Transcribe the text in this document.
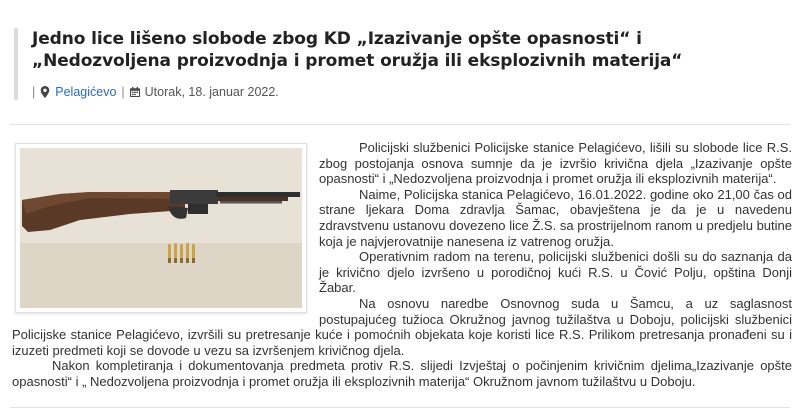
Jedno lice lišeno slobode zbog KD „Izazivanje opšte opasnosti“ i „Nedozvoljena proizvodnja i promet oružja ili eksplozivnih materija“
| Pelagićevo | Utorak, 18. januar 2022.

Policijski službenici Policijske stanice Pelagićevo, lišili su slobode lice R.S. zbog postojanja osnova sumnje da je izvršio krivična djela „Izazivanje opšte opasnosti“ i „Nedozvoljena proizvodnja i promet oružja ili eksplozivnih materija“.

Naime, Policijska stanica Pelagićevo, 16.01.2022. godine oko 21,00 čas od strane ljekara Doma zdravlja Šamac, obavještena je da je u navedenu zdravstvenu ustanovu dovezeno lice Ž.S. sa prostrijelnom ranom u predjelu butine koja je najvjerovatnije nanesena iz vatrenog oružja.

Operativnim radom na terenu, policijski službenici došli su do saznanja da je krivično djelo izvršeno u porodičnoj kući R.S. u Čović Polju, opština Donji Žabar.

Na osnovu naredbe Osnovnog suda u Šamcu, a uz saglasnost postupajućeg tužioca Okružnog javnog tužilaštva u Doboju, policijski službenici Policijske stanice Pelagićevo, izvršili su pretresanje kuće i pomoćnih objekata koje koristi lice R.S. Prilikom pretresanja pronađeni su i izuzeti predmeti koji se dovode u vezu sa izvršenjem krivičnog djela.

Nakon kompletiranja i dokumentovanja predmeta protiv R.S. slijedi Izvještaj o počinjenim krivičnim djelima„Izazivanje opšte opasnosti“ i „ Nedozvoljena proizvodnja i promet oružja ili eksplozivnih materija“ Okružnom javnom tužilaštvu u Doboju.
